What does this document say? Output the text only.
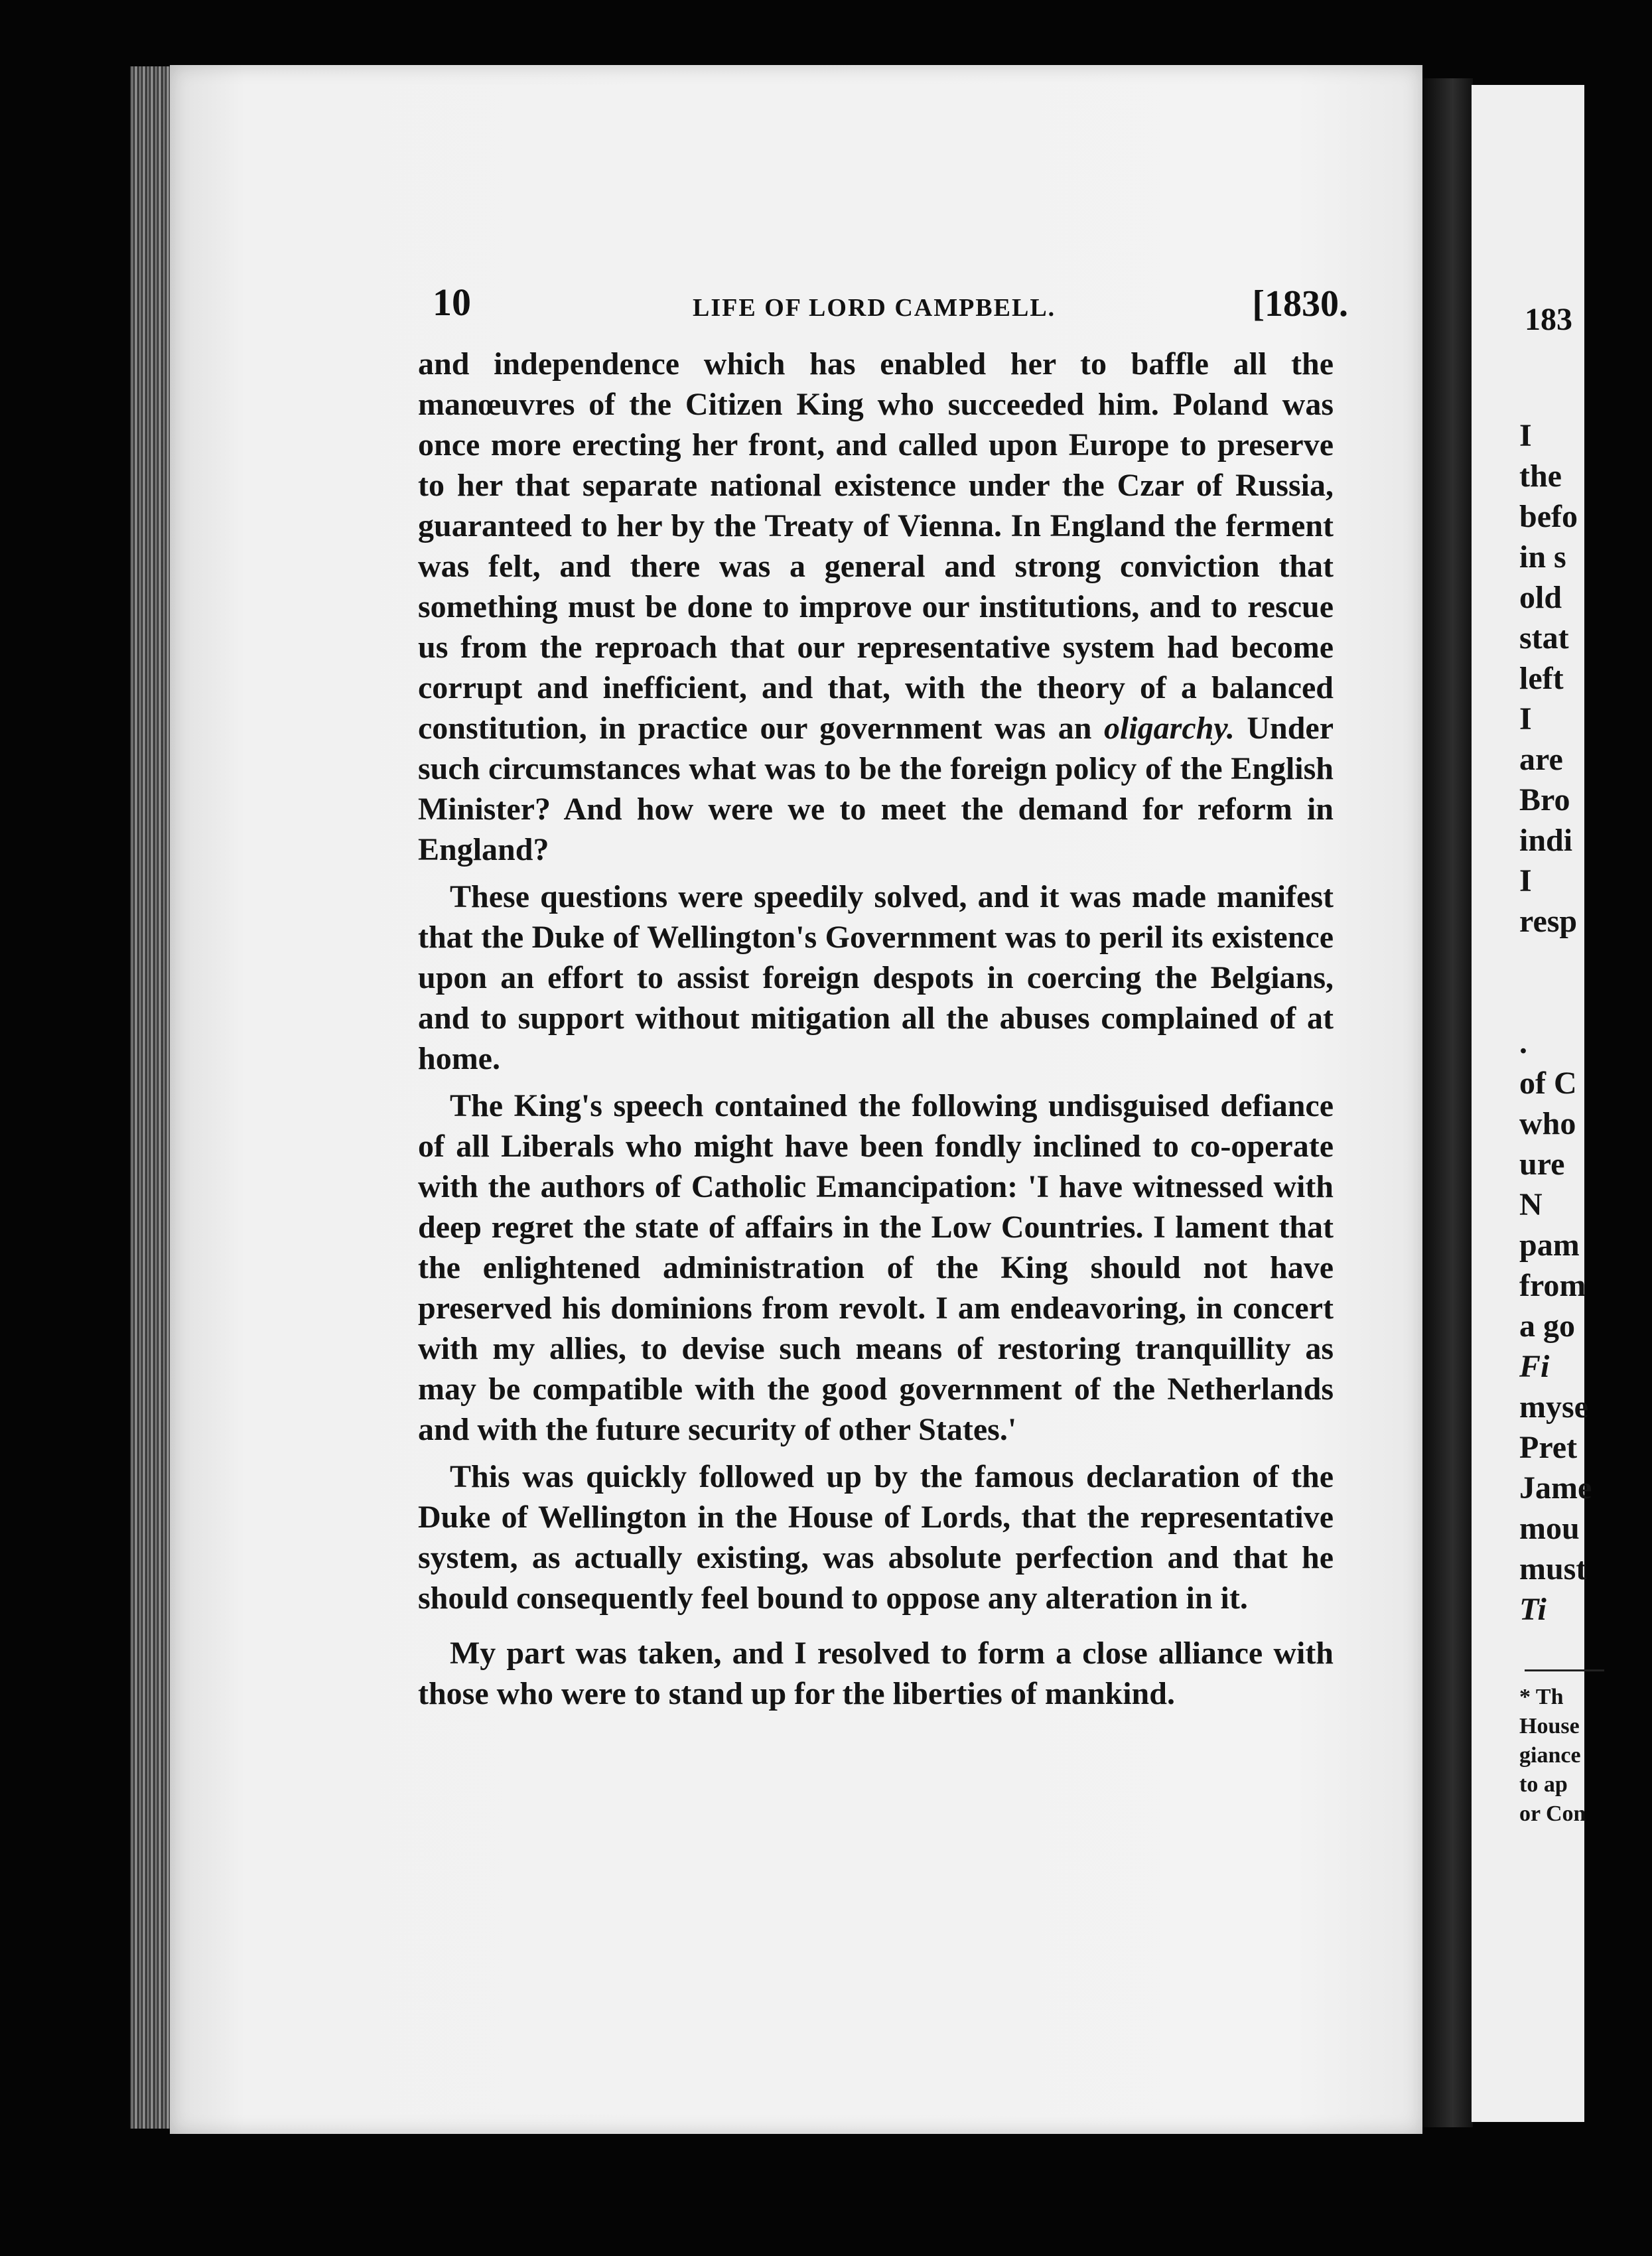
10	LIFE OF LORD CAMPBELL.	[1830.

and independence which has enabled her to baffle all the manœuvres of the Citizen King who succeeded him. Poland was once more erecting her front, and called upon Europe to preserve to her that separate national existence under the Czar of Russia, guaranteed to her by the Treaty of Vienna. In England the ferment was felt, and there was a general and strong conviction that something must be done to improve our institutions, and to rescue us from the reproach that our representative system had become corrupt and inefficient, and that, with the theory of a balanced constitution, in practice our government was an oligarchy. Under such circumstances what was to be the foreign policy of the English Minister? And how were we to meet the demand for reform in England?

These questions were speedily solved, and it was made manifest that the Duke of Wellington's Government was to peril its existence upon an effort to assist foreign despots in coercing the Belgians, and to support without mitigation all the abuses complained of at home.

The King's speech contained the following undisguised defiance of all Liberals who might have been fondly inclined to co-operate with the authors of Catholic Emancipation: 'I have witnessed with deep regret the state of affairs in the Low Countries. I lament that the enlightened administration of the King should not have preserved his dominions from revolt. I am endeavoring, in concert with my allies, to devise such means of restoring tranquillity as may be compatible with the good government of the Netherlands and with the future security of other States.'

This was quickly followed up by the famous declaration of the Duke of Wellington in the House of Lords, that the representative system, as actually existing, was absolute perfection and that he should consequently feel bound to oppose any alteration in it.

My part was taken, and I resolved to form a close alliance with those who were to stand up for the liberties of mankind.

183
I
the
befo
in s
old
stat
left
I
are
Bro
indi
I
resp
.
of C
who
ure
N
pam
from
a go
Fi
myse
Pret
Jame
mou
must
Ti
* Th
House
giance
to ap
or Con
